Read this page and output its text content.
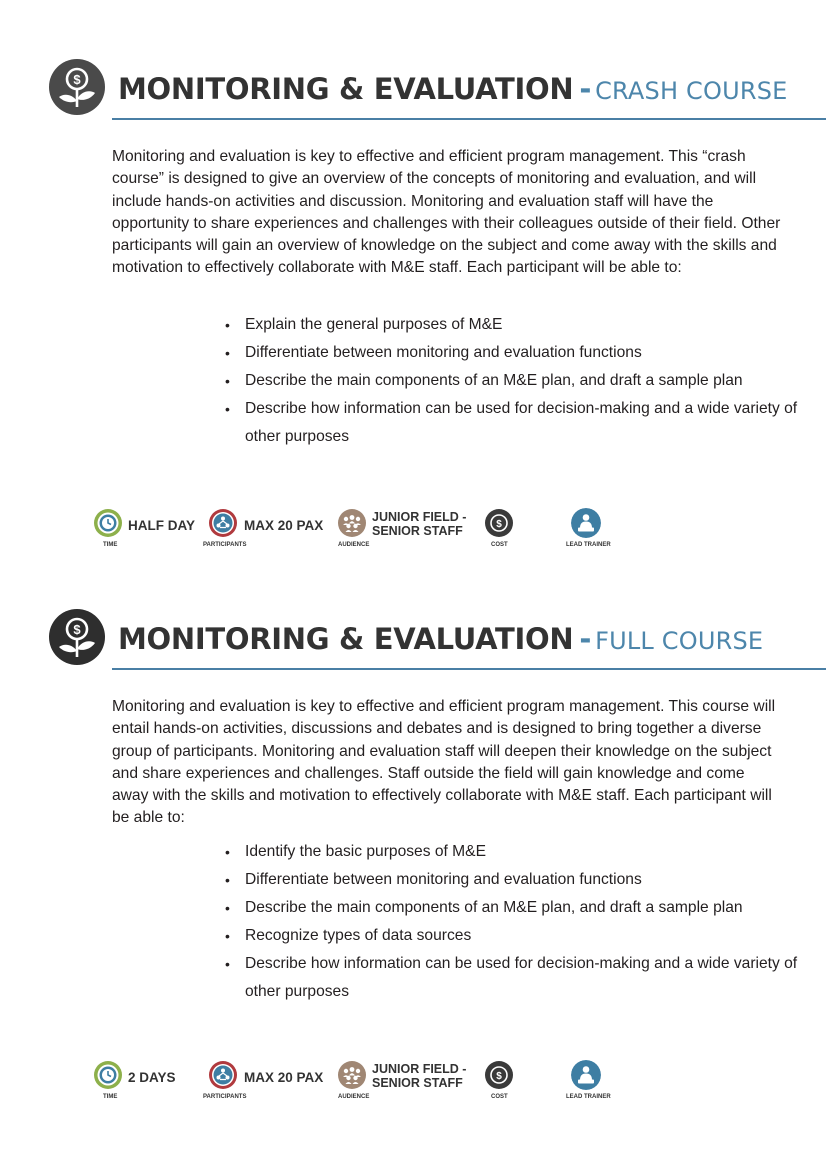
$ MONITORING & EVALUATION - CRASH COURSE

Monitoring and evaluation is key to effective and efficient program management. This “crash course” is designed to give an overview of the concepts of monitoring and evaluation, and will include hands-on activities and discussion. Monitoring and evaluation staff will have the opportunity to share experiences and challenges with their colleagues outside of their field. Other participants will gain an overview of knowledge on the subject and come away with the skills and motivation to effectively collaborate with M&E staff. Each participant will be able to:

• Explain the general purposes of M&E
• Differentiate between monitoring and evaluation functions
• Describe the main components of an M&E plan, and draft a sample plan
• Describe how information can be used for decision-making and a wide variety of other purposes
TIME
HALF DAY
PARTICIPANTS
MAX 20 PAX
AUDIENCE
JUNIOR FIELD -
SENIOR STAFF	$
COST	LEAD TRAINER
$ MONITORING & EVALUATION - FULL COURSE

Monitoring and evaluation is key to effective and efficient program management. This course will entail hands-on activities, discussions and debates and is designed to bring together a diverse group of participants. Monitoring and evaluation staff will deepen their knowledge on the subject and share experiences and challenges. Staff outside the field will gain knowledge and come away with the skills and motivation to effectively collaborate with M&E staff. Each participant will be able to:

• Identify the basic purposes of M&E
• Differentiate between monitoring and evaluation functions
• Describe the main components of an M&E plan, and draft a sample plan
• Recognize types of data sources
• Describe how information can be used for decision-making and a wide variety of other purposes
TIME
2 DAYS
PARTICIPANTS
MAX 20 PAX
AUDIENCE
JUNIOR FIELD -
SENIOR STAFF	$
COST	LEAD TRAINER
